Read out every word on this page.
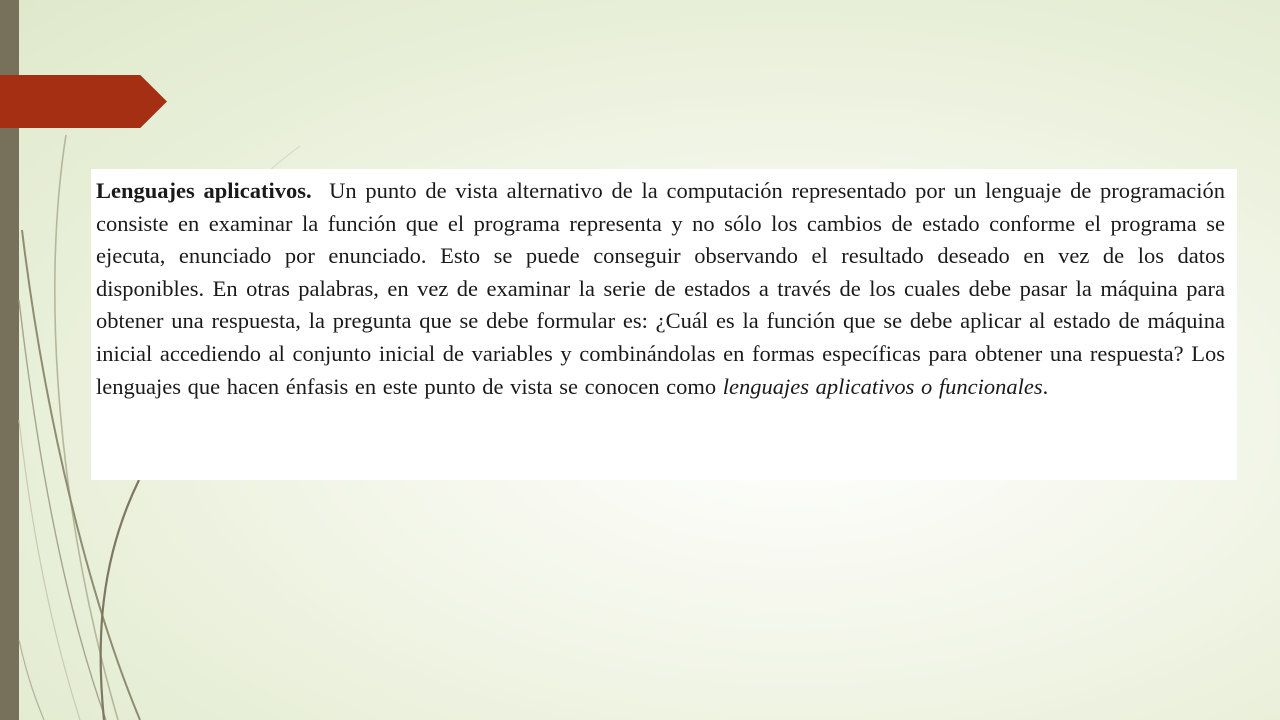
Lenguajes aplicativos. Un punto de vista alternativo de la computación representado por un lenguaje de programación consiste en examinar la función que el programa representa y no sólo los cambios de estado conforme el programa se ejecuta, enunciado por enunciado. Esto se puede conseguir observando el resultado deseado en vez de los datos disponibles. En otras palabras, en vez de examinar la serie de estados a través de los cuales debe pasar la máquina para obtener una respuesta, la pregunta que se debe formular es: ¿Cuál es la función que se debe aplicar al estado de máquina inicial accediendo al conjunto inicial de variables y combinándolas en formas específicas para obtener una respuesta? Los lenguajes que hacen énfasis en este punto de vista se conocen como lenguajes aplicativos o funcionales.
